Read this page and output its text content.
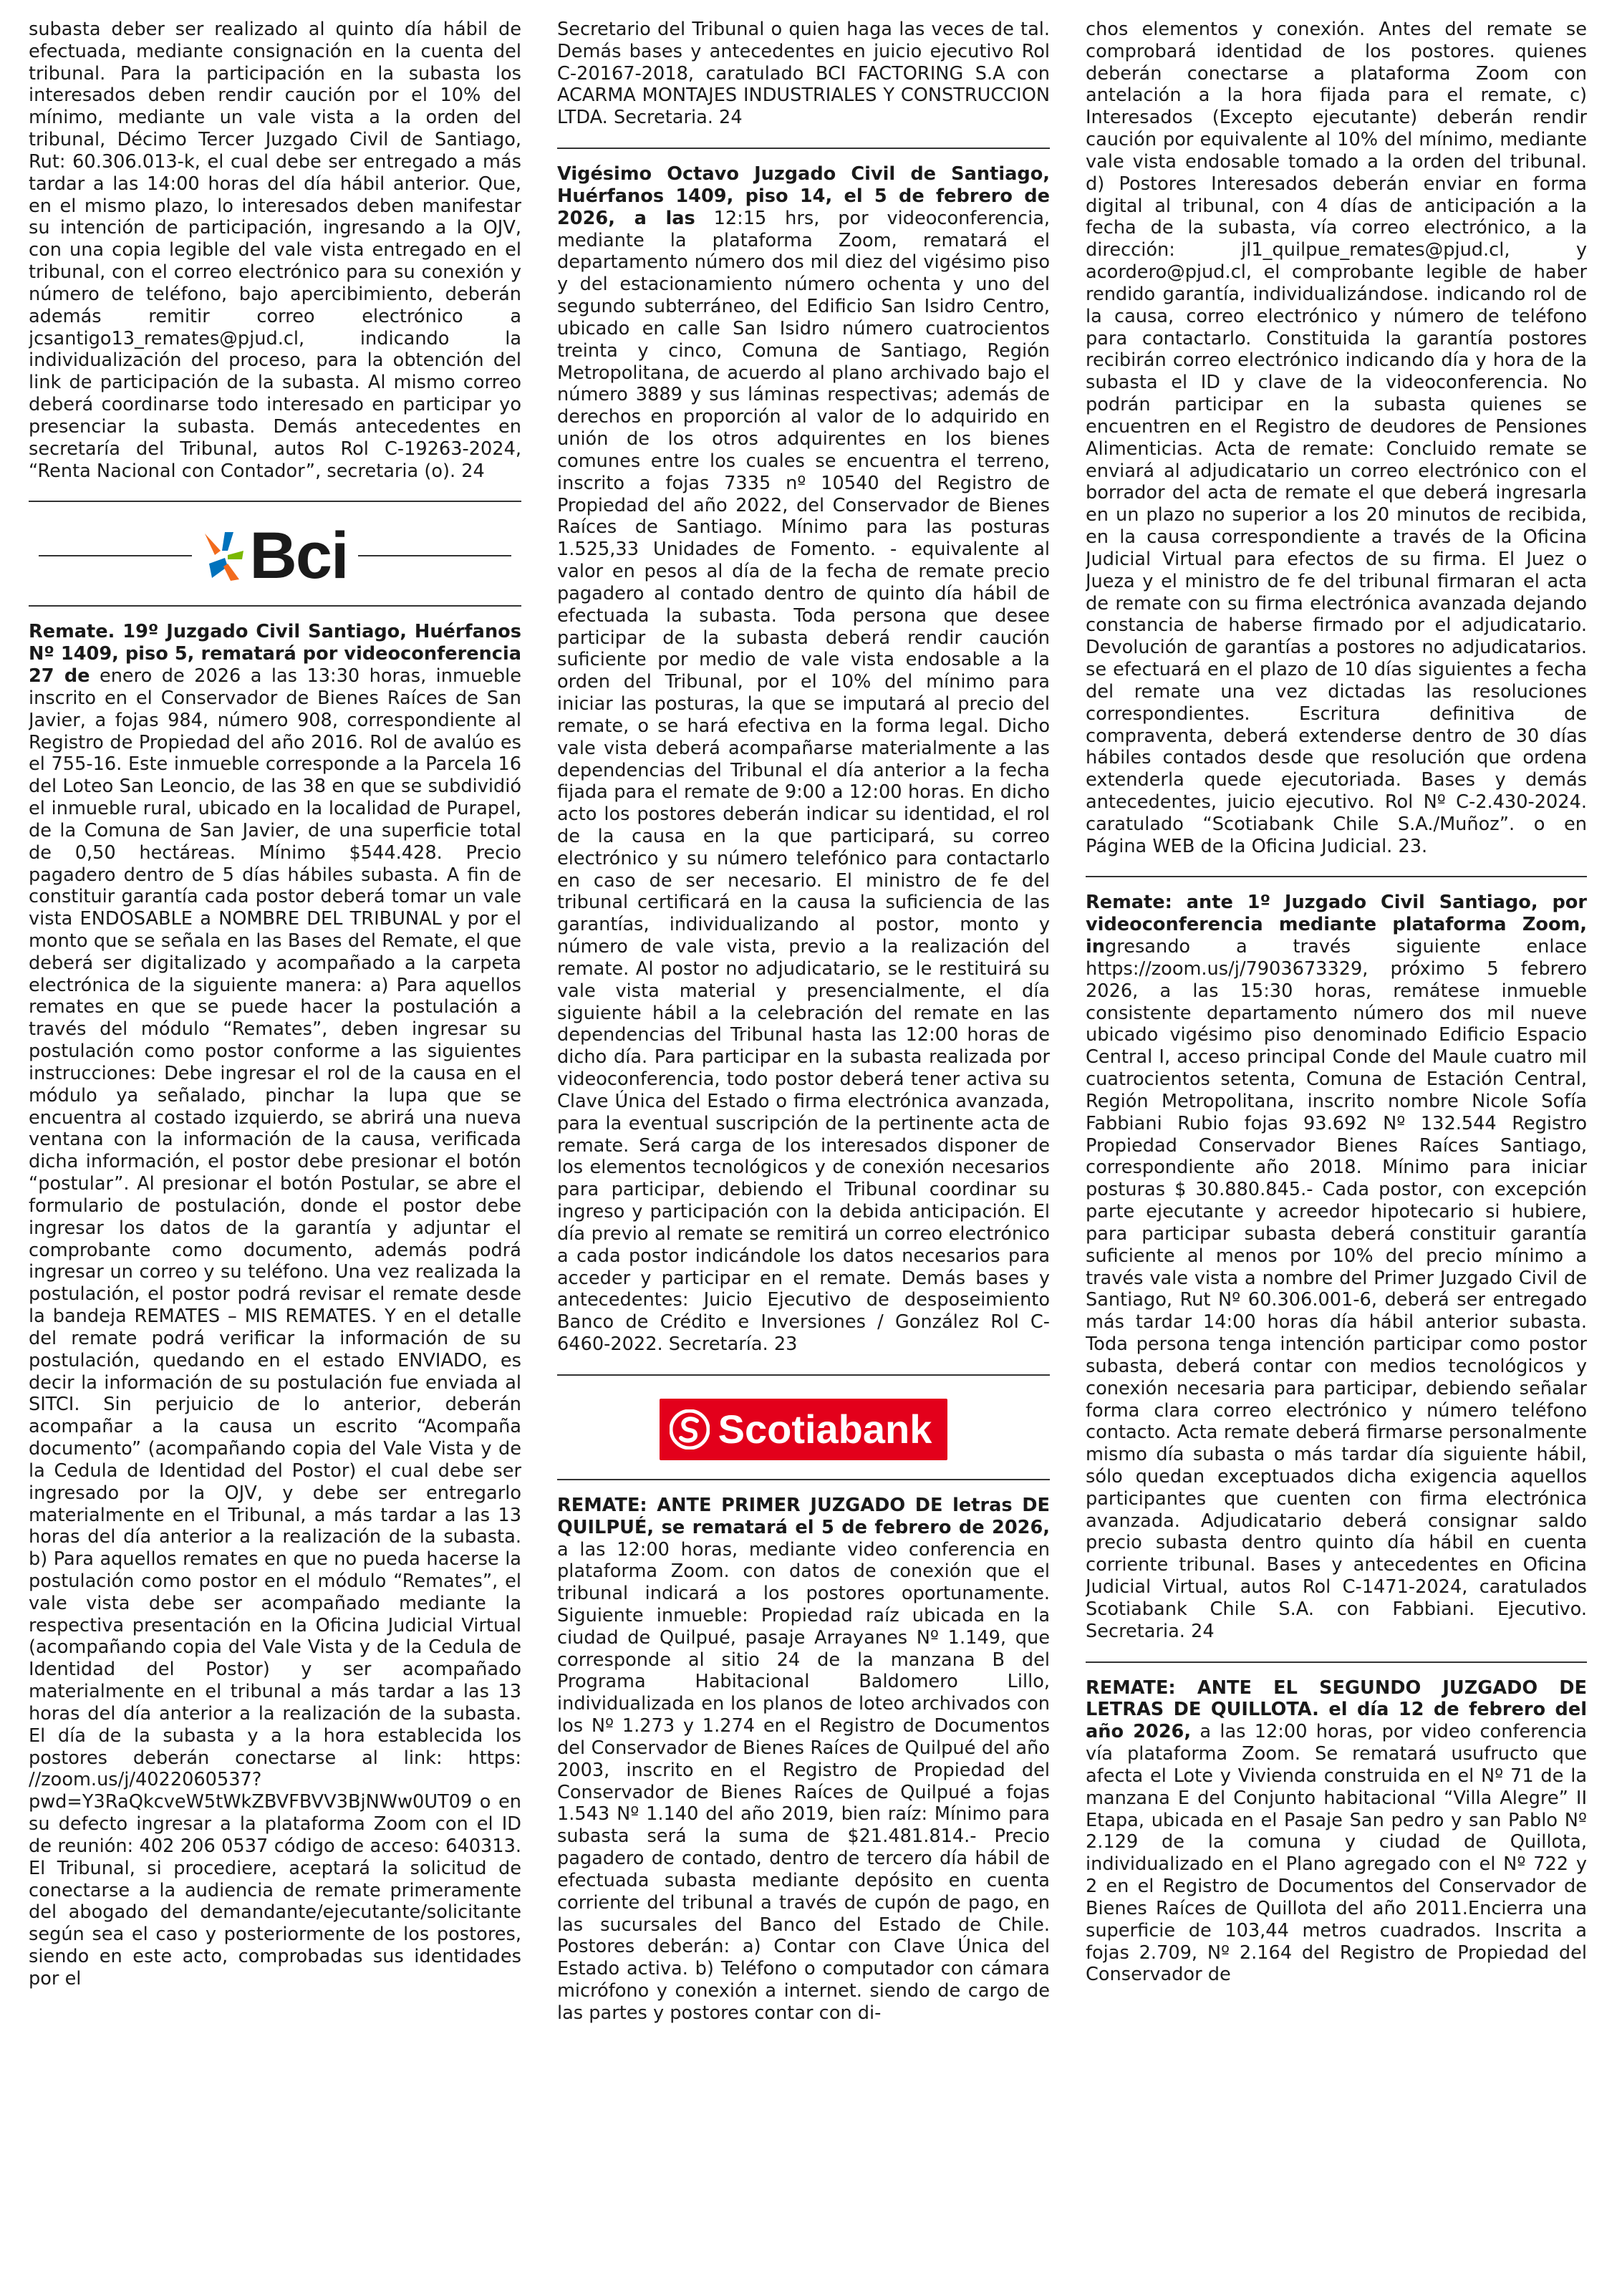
subasta deber ser realizado al quinto día hábil de efectuada, mediante consignación en la cuenta del tribunal. Para la participación en la subasta los interesados deben rendir caución por el 10% del mínimo, mediante un vale vista a la orden del tribunal, Décimo Tercer Juzgado Civil de Santiago, Rut: 60.306.013-k, el cual debe ser entregado a más tardar a las 14:00 horas del día hábil anterior. Que, en el mismo plazo, lo interesados deben manifestar su intención de participación, ingresando a la OJV, con una copia legible del vale vista entregado en el tribunal, con el correo electrónico para su conexión y número de teléfono, bajo apercibimiento, deberán además remitir correo electrónico a jcsantigo13_remates@pjud.cl, indicando la individualización del proceso, para la obtención del link de participación de la subasta. Al mismo correo deberá coordinarse todo interesado en participar yo presenciar la subasta. Demás antecedentes en secretaría del Tribunal, autos Rol C-19263-2024, “Renta Nacional con Contador”, secretaria (o). 24

Bci

Remate. 19º Juzgado Civil Santiago, Huérfanos Nº 1409, piso 5, rematará por videoconferencia 27 de enero de 2026 a las 13:30 horas, inmueble inscrito en el Conservador de Bienes Raíces de San Javier, a fojas 984, número 908, correspondiente al Registro de Propiedad del año 2016. Rol de avalúo es el 755-16. Este inmueble corresponde a la Parcela 16 del Loteo San Leoncio, de las 38 en que se subdividió el inmueble rural, ubicado en la localidad de Purapel, de la Comuna de San Javier, de una superficie total de 0,50 hectáreas. Mínimo $544.428. Precio pagadero dentro de 5 días hábiles subasta. A fin de constituir garantía cada postor deberá tomar un vale vista ENDOSABLE a NOMBRE DEL TRIBUNAL y por el monto que se señala en las Bases del Remate, el que deberá ser digitalizado y acompañado a la carpeta electrónica de la siguiente manera: a) Para aquellos remates en que se puede hacer la postulación a través del módulo “Remates”, deben ingresar su postulación como postor conforme a las siguientes instrucciones: Debe ingresar el rol de la causa en el módulo ya señalado, pinchar la lupa que se encuentra al costado izquierdo, se abrirá una nueva ventana con la información de la causa, verificada dicha información, el postor debe presionar el botón “postular”. Al presionar el botón Postular, se abre el formulario de postulación, donde el postor debe ingresar los datos de la garantía y adjuntar el comprobante como documento, además podrá ingresar un correo y su teléfono. Una vez realizada la postulación, el postor podrá revisar el remate desde la bandeja REMATES – MIS REMATES. Y en el detalle del remate podrá verificar la información de su postulación, quedando en el estado ENVIADO, es decir la información de su postulación fue enviada al SITCI. Sin perjuicio de lo anterior, deberán acompañar a la causa un escrito “Acompaña documento” (acompañando copia del Vale Vista y de la Cedula de Identidad del Postor) el cual debe ser ingresado por la OJV, y debe ser entregarlo materialmente en el Tribunal, a más tardar a las 13 horas del día anterior a la realización de la subasta. b) Para aquellos remates en que no pueda hacerse la postulación como postor en el módulo “Remates”, el vale vista debe ser acompañado mediante la respectiva presentación en la Oficina Judicial Virtual (acompañando copia del Vale Vista y de la Cedula de Identidad del Postor) y ser acompañado materialmente en el tribunal a más tardar a las 13 horas del día anterior a la realización de la subasta. El día de la subasta y a la hora establecida los postores deberán conectarse al link: https: //zoom.us/j/4022060537?pwd=Y3RaQkcveW5tWkZBVFBVV3BjNWw0UT09 o en su defecto ingresar a la plataforma Zoom con el ID de reunión: 402 206 0537 código de acceso: 640313. El Tribunal, si procediere, aceptará la solicitud de conectarse a la audiencia de remate primeramente del abogado del demandante/ejecutante/solicitante según sea el caso y posteriormente de los postores, siendo en este acto, comprobadas sus identidades por el

Secretario del Tribunal o quien haga las veces de tal. Demás bases y antecedentes en juicio ejecutivo Rol C-20167-2018, caratulado BCI FACTORING S.A con ACARMA MONTAJES INDUSTRIALES Y CONSTRUCCION LTDA. Secretaria. 24

Vigésimo Octavo Juzgado Civil de Santiago, Huérfanos 1409, piso 14, el 5 de febrero de 2026, a las 12:15 hrs, por videoconferencia, mediante la plataforma Zoom, rematará el departamento número dos mil diez del vigésimo piso y del estacionamiento número ochenta y uno del segundo subterráneo, del Edificio San Isidro Centro, ubicado en calle San Isidro número cuatrocientos treinta y cinco, Comuna de Santiago, Región Metropolitana, de acuerdo al plano archivado bajo el número 3889 y sus láminas respectivas; además de derechos en proporción al valor de lo adquirido en unión de los otros adquirentes en los bienes comunes entre los cuales se encuentra el terreno, inscrito a fojas 7335 nº 10540 del Registro de Propiedad del año 2022, del Conservador de Bienes Raíces de Santiago. Mínimo para las posturas 1.525,33 Unidades de Fomento. - equivalente al valor en pesos al día de la fecha de remate precio pagadero al contado dentro de quinto día hábil de efectuada la subasta. Toda persona que desee participar de la subasta deberá rendir caución suficiente por medio de vale vista endosable a la orden del Tribunal, por el 10% del mínimo para iniciar las posturas, la que se imputará al precio del remate, o se hará efectiva en la forma legal. Dicho vale vista deberá acompañarse materialmente a las dependencias del Tribunal el día anterior a la fecha fijada para el remate de 9:00 a 12:00 horas. En dicho acto los postores deberán indicar su identidad, el rol de la causa en la que participará, su correo electrónico y su número telefónico para contactarlo en caso de ser necesario. El ministro de fe del tribunal certificará en la causa la suficiencia de las garantías, individualizando al postor, monto y número de vale vista, previo a la realización del remate. Al postor no adjudicatario, se le restituirá su vale vista material y presencialmente, el día siguiente hábil a la celebración del remate en las dependencias del Tribunal hasta las 12:00 horas de dicho día. Para participar en la subasta realizada por videoconferencia, todo postor deberá tener activa su Clave Única del Estado o firma electrónica avanzada, para la eventual suscripción de la pertinente acta de remate. Será carga de los interesados disponer de los elementos tecnológicos y de conexión necesarios para participar, debiendo el Tribunal coordinar su ingreso y participación con la debida anticipación. El día previo al remate se remitirá un correo electrónico a cada postor indicándole los datos necesarios para acceder y participar en el remate. Demás bases y antecedentes: Juicio Ejecutivo de desposeimiento Banco de Crédito e Inversiones / González Rol C-6460-2022. Secretaría. 23

Scotiabank

REMATE: ANTE PRIMER JUZGADO DE letras DE QUILPUÉ, se rematará el 5 de febrero de 2026, a las 12:00 horas, mediante video conferencia en plataforma Zoom. con datos de conexión que el tribunal indicará a los postores oportunamente. Siguiente inmueble: Propiedad raíz ubicada en la ciudad de Quilpué, pasaje Arrayanes Nº 1.149, que corresponde al sitio 24 de la manzana B del Programa Habitacional Baldomero Lillo, individualizada en los planos de loteo archivados con los Nº 1.273 y 1.274 en el Registro de Documentos del Conservador de Bienes Raíces de Quilpué del año 2003, inscrito en el Registro de Propiedad del Conservador de Bienes Raíces de Quilpué a fojas 1.543 Nº 1.140 del año 2019, bien raíz: Mínimo para subasta será la suma de $21.481.814.- Precio pagadero de contado, dentro de tercero día hábil de efectuada subasta mediante depósito en cuenta corriente del tribunal a través de cupón de pago, en las sucursales del Banco del Estado de Chile. Postores deberán: a) Contar con Clave Única del Estado activa. b) Teléfono o computador con cámara micrófono y conexión a internet. siendo de cargo de las partes y postores contar con di-

chos elementos y conexión. Antes del remate se comprobará identidad de los postores. quienes deberán conectarse a plataforma Zoom con antelación a la hora fijada para el remate, c) Interesados (Excepto ejecutante) deberán rendir caución por equivalente al 10% del mínimo, mediante vale vista endosable tomado a la orden del tribunal. d) Postores Interesados deberán enviar en forma digital al tribunal, con 4 días de anticipación a la fecha de la subasta, vía correo electrónico, a la dirección: jl1_quilpue_remates@pjud.cl, y acordero@pjud.cl, el comprobante legible de haber rendido garantía, individualizándose. indicando rol de la causa, correo electrónico y número de teléfono para contactarlo. Constituida la garantía postores recibirán correo electrónico indicando día y hora de la subasta el ID y clave de la videoconferencia. No podrán participar en la subasta quienes se encuentren en el Registro de deudores de Pensiones Alimenticias. Acta de remate: Concluido remate se enviará al adjudicatario un correo electrónico con el borrador del acta de remate el que deberá ingresarla en un plazo no superior a los 20 minutos de recibida, en la causa correspondiente a través de la Oficina Judicial Virtual para efectos de su firma. El Juez o Jueza y el ministro de fe del tribunal firmaran el acta de remate con su firma electrónica avanzada dejando constancia de haberse firmado por el adjudicatario. Devolución de garantías a postores no adjudicatarios. se efectuará en el plazo de 10 días siguientes a fecha del remate una vez dictadas las resoluciones correspondientes. Escritura definitiva de compraventa, deberá extenderse dentro de 30 días hábiles contados desde que resolución que ordena extenderla quede ejecutoriada. Bases y demás antecedentes, juicio ejecutivo. Rol Nº C-2.430-2024. caratulado “Scotiabank Chile S.A./Muñoz”. o en Página WEB de la Oficina Judicial. 23.

Remate: ante 1º Juzgado Civil Santiago, por videoconferencia mediante plataforma Zoom, ingresando a través siguiente enlace https://zoom.us/j/7903673329, próximo 5 febrero 2026, a las 15:30 horas, remátese inmueble consistente departamento número dos mil nueve ubicado vigésimo piso denominado Edificio Espacio Central I, acceso principal Conde del Maule cuatro mil cuatrocientos setenta, Comuna de Estación Central, Región Metropolitana, inscrito nombre Nicole Sofía Fabbiani Rubio fojas 93.692 Nº 132.544 Registro Propiedad Conservador Bienes Raíces Santiago, correspondiente año 2018. Mínimo para iniciar posturas $ 30.880.845.- Cada postor, con excepción parte ejecutante y acreedor hipotecario si hubiere, para participar subasta deberá constituir garantía suficiente al menos por 10% del precio mínimo a través vale vista a nombre del Primer Juzgado Civil de Santiago, Rut Nº 60.306.001-6, deberá ser entregado más tardar 14:00 horas día hábil anterior subasta. Toda persona tenga intención participar como postor subasta, deberá contar con medios tecnológicos y conexión necesaria para participar, debiendo señalar forma clara correo electrónico y número teléfono contacto. Acta remate deberá firmarse personalmente mismo día subasta o más tardar día siguiente hábil, sólo quedan exceptuados dicha exigencia aquellos participantes que cuenten con firma electrónica avanzada. Adjudicatario deberá consignar saldo precio subasta dentro quinto día hábil en cuenta corriente tribunal. Bases y antecedentes en Oficina Judicial Virtual, autos Rol C-1471-2024, caratulados Scotiabank Chile S.A. con Fabbiani. Ejecutivo. Secretaria. 24

REMATE: ANTE EL SEGUNDO JUZGADO DE LETRAS DE QUILLOTA. el día 12 de febrero del año 2026, a las 12:00 horas, por video conferencia vía plataforma Zoom. Se rematará usufructo que afecta el Lote y Vivienda construida en el Nº 71 de la manzana E del Conjunto habitacional “Villa Alegre” II Etapa, ubicada en el Pasaje San pedro y san Pablo Nº 2.129 de la comuna y ciudad de Quillota, individualizado en el Plano agregado con el Nº 722 y 2 en el Registro de Documentos del Conservador de Bienes Raíces de Quillota del año 2011.Encierra una superficie de 103,44 metros cuadrados. Inscrita a fojas 2.709, Nº 2.164 del Registro de Propiedad del Conservador de
